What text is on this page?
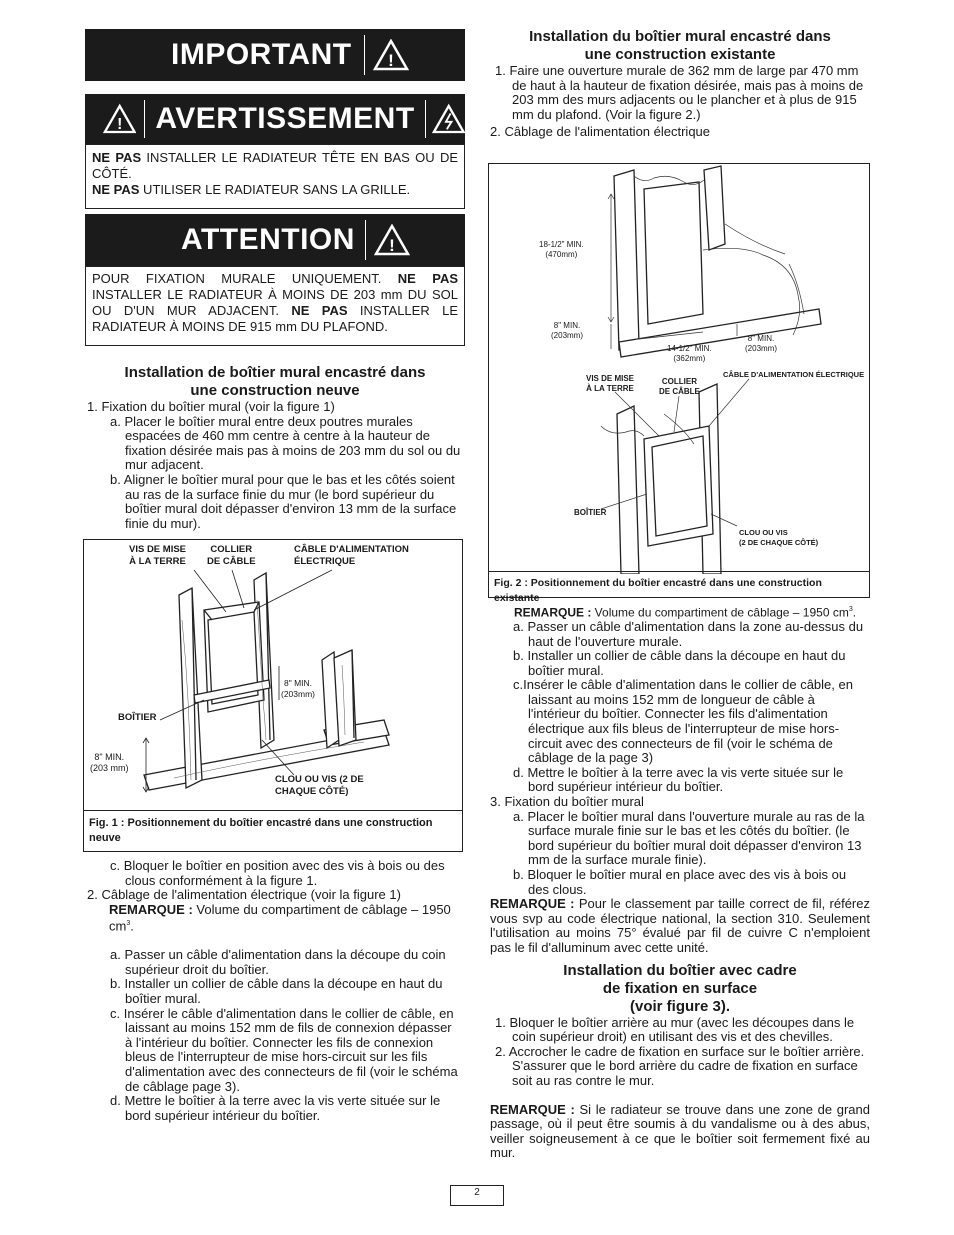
IMPORTANT !
! AVERTISSEMENT

NE PAS INSTALLER LE RADIATEUR TÊTE EN BAS OU DE CÔTÉ.

NE PAS UTILISER LE RADIATEUR SANS LA GRILLE.

ATTENTION !

POUR FIXATION MURALE UNIQUEMENT. NE PAS INSTALLER LE RADIATEUR À MOINS DE 203 mm DU SOL OU D'UN MUR ADJACENT. NE PAS INSTALLER LE RADIATEUR À MOINS DE 915 mm DU PLAFOND.

Installation de boîtier mural encastré dans

une construction neuve

1. Fixation du boîtier mural (voir la figure 1)

a. Placer le boîtier mural entre deux poutres murales espacées de 460 mm centre à centre à la hauteur de fixation désirée mais pas à moins de 203 mm du sol ou du mur adjacent.

b. Aligner le boîtier mural pour que le bas et les côtés soient au ras de la surface finie du mur (le bord supérieur du boîtier mural doit dépasser d'environ 13 mm de la surface finie du mur).

VIS DE MISE
À LA TERRE
COLLIER
DE CÂBLE
CÂBLE D'ALIMENTATION
ÉLECTRIQUE
8" MIN.
(203mm)
BOÎTIER
8" MIN.
(203 mm)
CLOU OU VIS (2 DE
CHAQUE CÔTÉ)
Fig. 1 : Positionnement du boîtier encastré dans une construction neuve

c. Bloquer le boîtier en position avec des vis à bois ou des clous conformément à la figure 1.

2. Câblage de l'alimentation électrique (voir la figure 1)

REMARQUE : Volume du compartiment de câblage – 1950 $cm^3$.

a. Passer un câble d'alimentation dans la découpe du coin supérieur droit du boîtier.

b. Installer un collier de câble dans la découpe en haut du boîtier mural.

c. Insérer le câble d'alimentation dans le collier de câble, en laissant au moins 152 mm de fils de connexion dépasser à l'intérieur du boîtier. Connecter les fils de connexion bleus de l'interrupteur de mise hors-circuit sur les fils d'alimentation avec des connecteurs de fil (voir le schéma de câblage page 3).

d. Mettre le boîtier à la terre avec la vis verte située sur le bord supérieur intérieur du boîtier.

Installation du boîtier mural encastré dans

une construction existante

1. Faire une ouverture murale de 362 mm de large par 470 mm de haut à la hauteur de fixation désirée, mais pas à moins de 203 mm des murs adjacents ou le plancher et à plus de 915 mm du plafond. (Voir la figure 2.)

2. Câblage de l'alimentation électrique

18-1/2" MIN.
(470mm)
8" MIN.
(203mm)
14-1/2" MIN.
(362mm)
8" MIN.
(203mm)
VIS DE MISE
À LA TERRE
COLLIER
DE CÂBLE
CÂBLE D'ALIMENTATION ÉLECTRIQUE
BOÎTIER
CLOU OU VIS
(2 DE CHAQUE CÔTÉ)
Fig. 2 : Positionnement du boîtier encastré dans une construction existante

REMARQUE : Volume du compartiment de câblage – 1950 $cm^3$.

a. Passer un câble d'alimentation dans la zone au-dessus du haut de l'ouverture murale.

b. Installer un collier de câble dans la découpe en haut du boîtier mural.

c.Insérer le câble d'alimentation dans le collier de câble, en laissant au moins 152 mm de longueur de câble à l'intérieur du boîtier. Connecter les fils d'alimentation électrique aux fils bleus de l'interrupteur de mise hors-circuit avec des connecteurs de fil (voir le schéma de câblage de la page 3)

d. Mettre le boîtier à la terre avec la vis verte située sur le bord supérieur intérieur du boîtier.

3. Fixation du boîtier mural

a. Placer le boîtier mural dans l'ouverture murale au ras de la surface murale finie sur le bas et les côtés du boîtier. (le bord supérieur du boîtier mural doit dépasser d'environ 13 mm de la surface murale finie).

b. Bloquer le boîtier mural en place avec des vis à bois ou des clous.

REMARQUE : Pour le classement par taille correct de fil, référez vous svp au code électrique national, la section 310. Seulement l'utilisation au moins 75° évalué par fil de cuivre C n'emploient pas le fil d'alluminum avec cette unité.

Installation du boîtier avec cadre

de fixation en surface

(voir figure 3).

1. Bloquer le boîtier arrière au mur (avec les découpes dans le coin supérieur droit) en utilisant des vis et des chevilles.

2. Accrocher le cadre de fixation en surface sur le boîtier arrière. S'assurer que le bord arrière du cadre de fixation en surface soit au ras contre le mur.

REMARQUE : Si le radiateur se trouve dans une zone de grand passage, où il peut être soumis à du vandalisme ou à des abus, veiller soigneusement à ce que le boîtier soit fermement fixé au mur.

2
